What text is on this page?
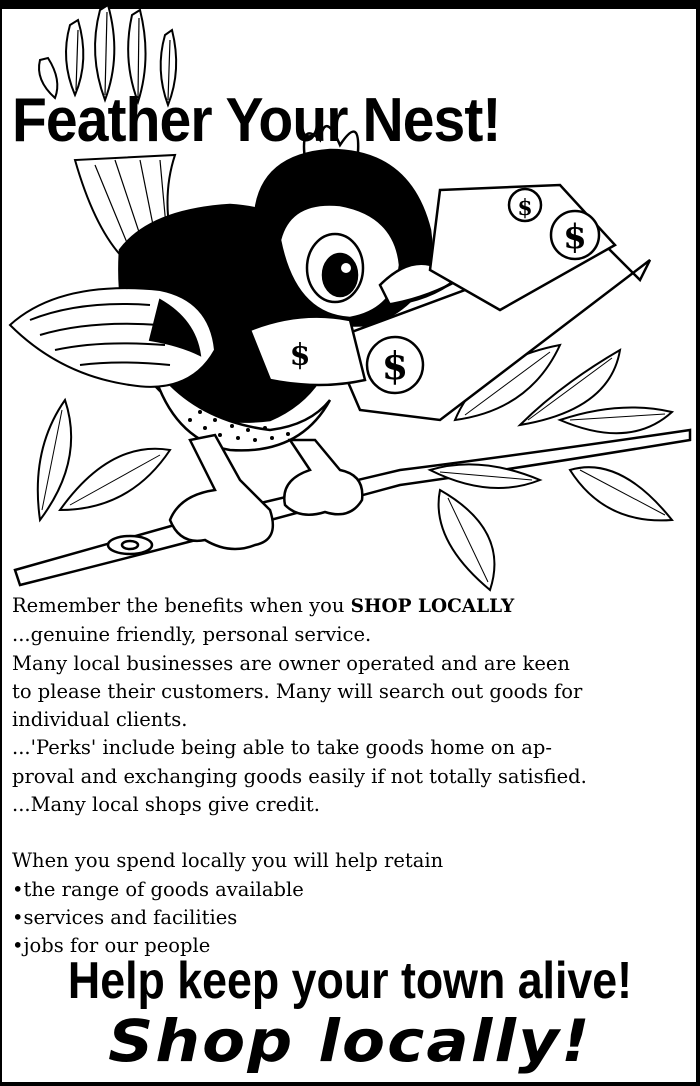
$
$
$
$
Feather Your Nest!

Remember the benefits when you SHOP LOCALLY

...genuine friendly, personal service.

Many local businesses are owner operated and are keen

to please their customers. Many will search out goods for

individual clients.

...'Perks' include being able to take goods home on ap-

proval and exchanging goods easily if not totally satisfied.

...Many local shops give credit.

When you spend locally you will help retain

•the range of goods available

•services and facilities

•jobs for our people

Help keep your town alive!
Shop locally!
